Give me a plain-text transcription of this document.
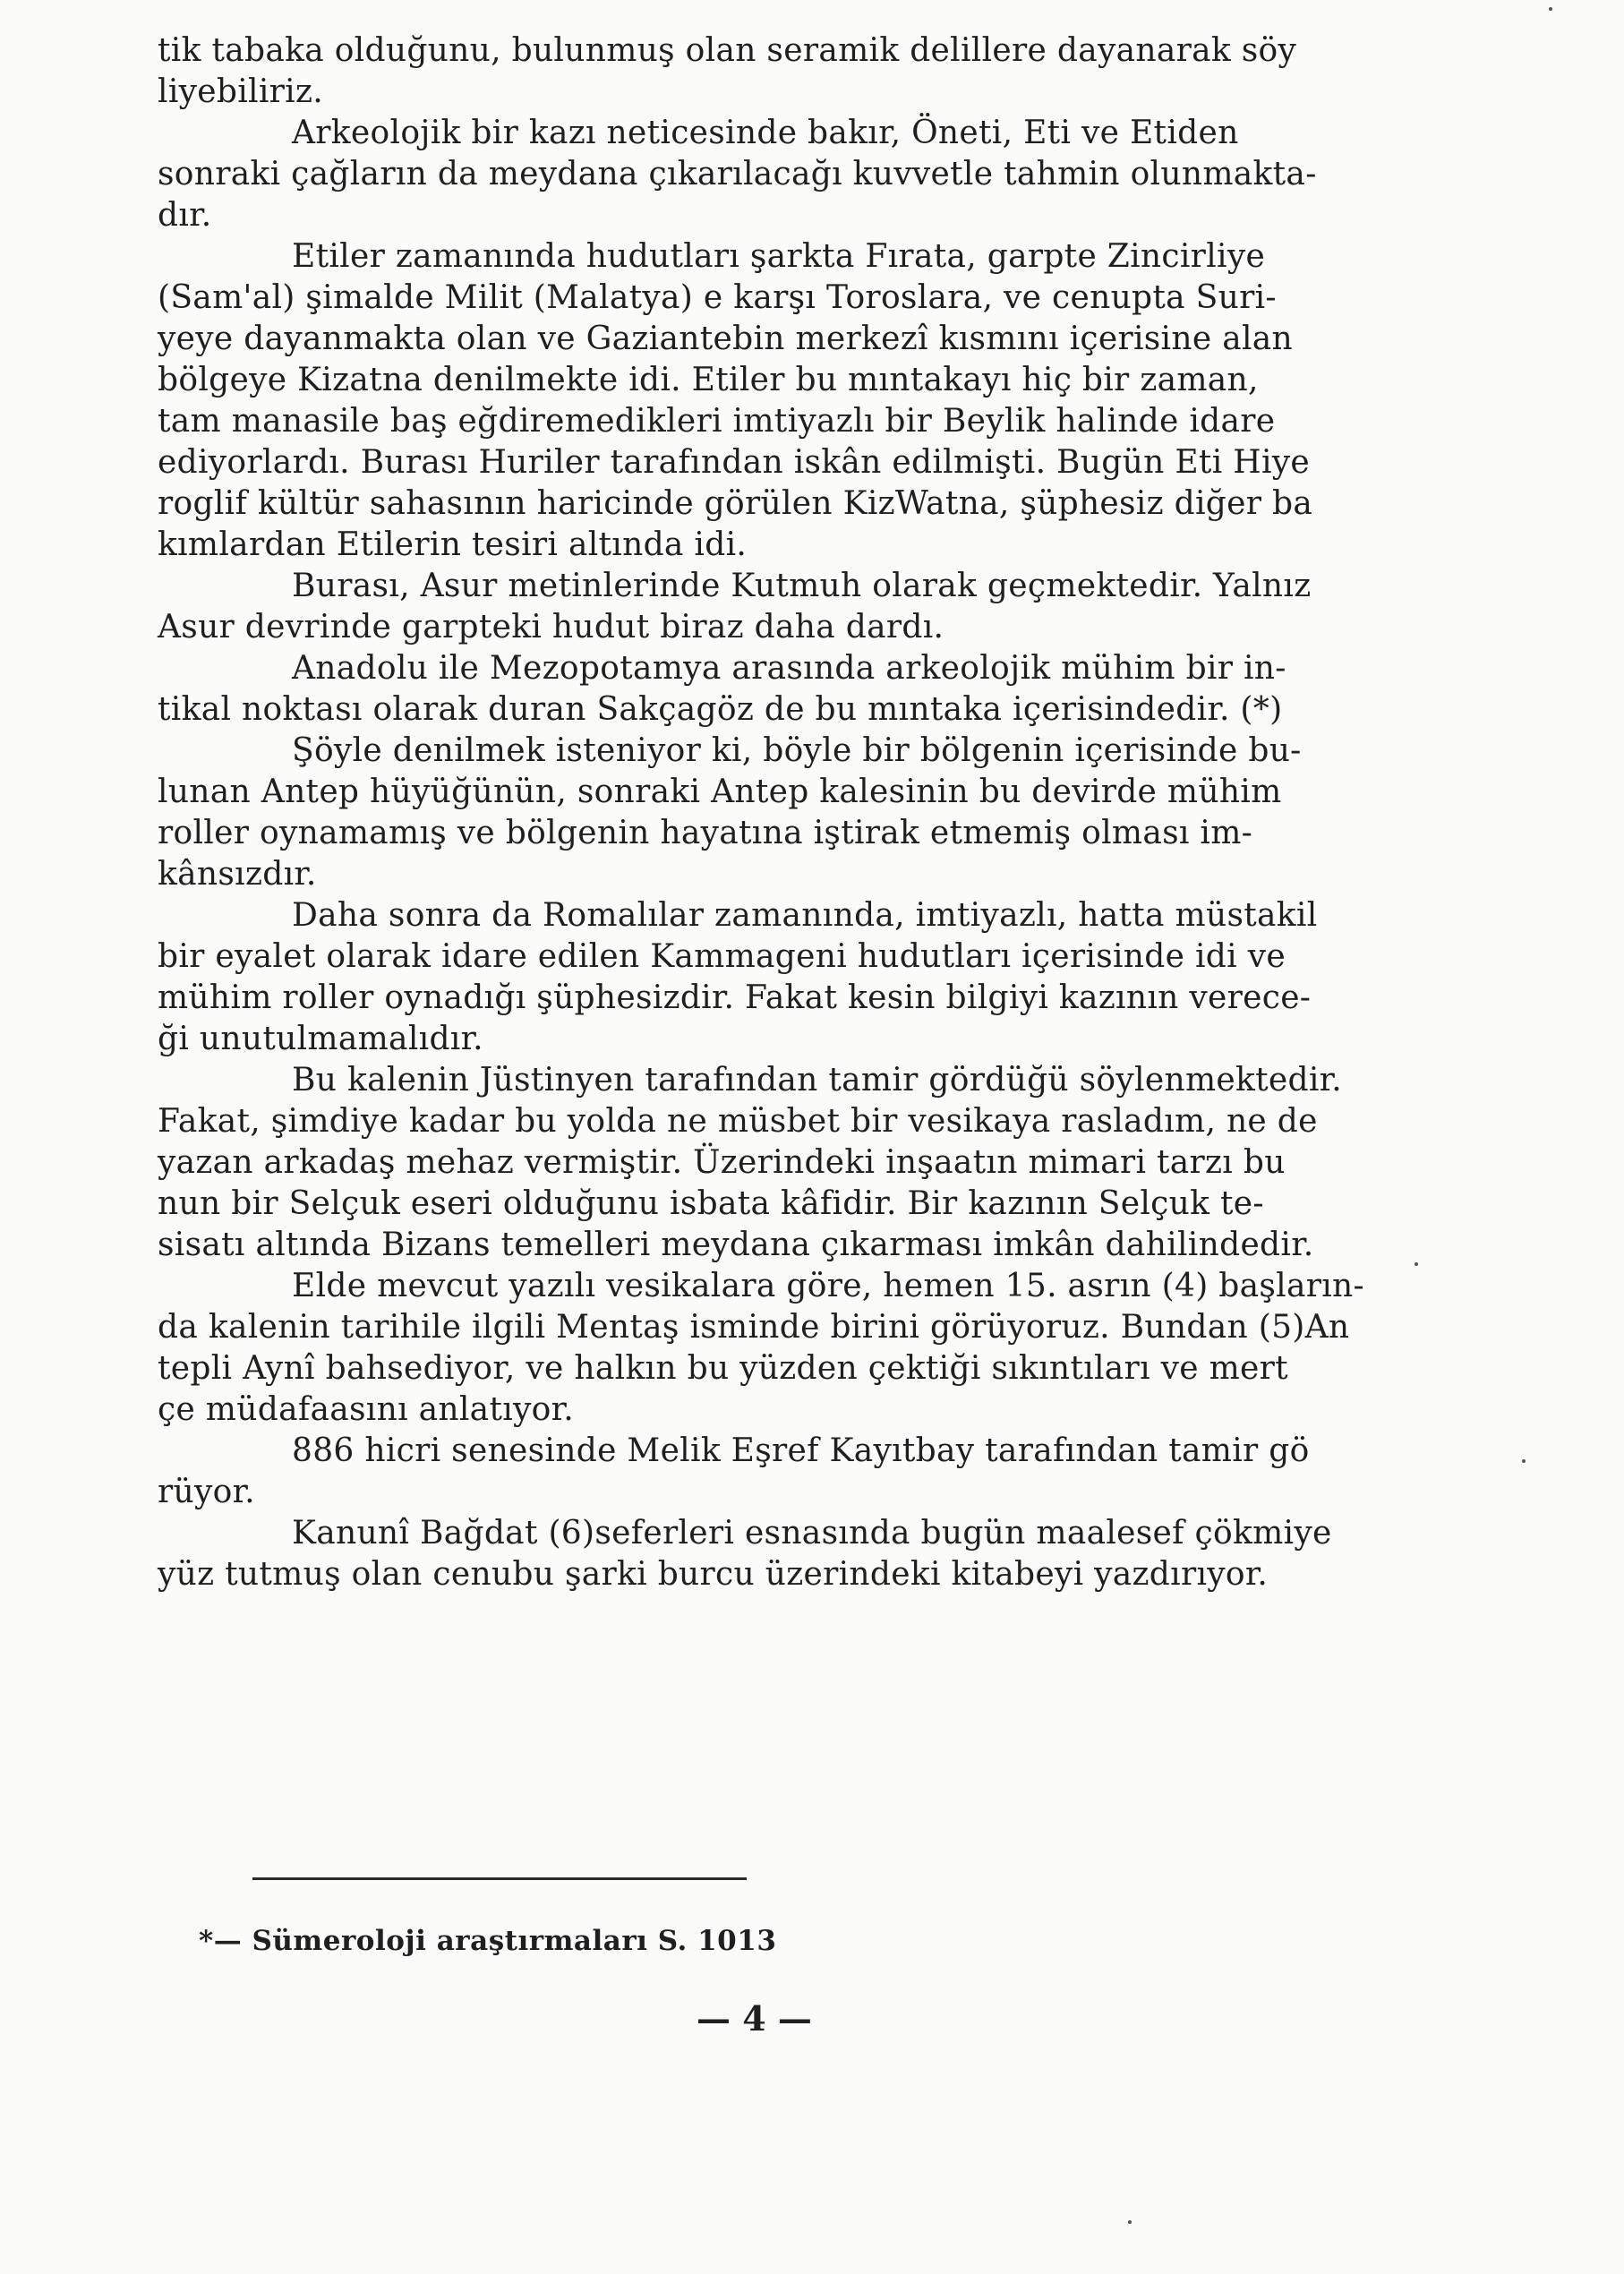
tik tabaka olduğunu, bulunmuş olan seramik delillere dayanarak söy
liyebiliriz.
Arkeolojik bir kazı neticesinde bakır, Öneti, Eti ve Etiden
sonraki çağların da meydana çıkarılacağı kuvvetle tahmin olunmakta-
dır.
Etiler zamanında hudutları şarkta Fırata, garpte Zincirliye
(Sam'al) şimalde Milit (Malatya) e karşı Toroslara, ve cenupta Suri-
yeye dayanmakta olan ve Gaziantebin merkezî kısmını içerisine alan
bölgeye Kizatna denilmekte idi. Etiler bu mıntakayı hiç bir zaman,
tam manasile baş eğdiremedikleri imtiyazlı bir Beylik halinde idare
ediyorlardı. Burası Huriler tarafından iskân edilmişti. Bugün Eti Hiye
roglif kültür sahasının haricinde görülen KizWatna, şüphesiz diğer ba
kımlardan Etilerin tesiri altında idi.
Burası, Asur metinlerinde Kutmuh olarak geçmektedir. Yalnız
Asur devrinde garpteki hudut biraz daha dardı.
Anadolu ile Mezopotamya arasında arkeolojik mühim bir in-
tikal noktası olarak duran Sakçagöz de bu mıntaka içerisindedir. (*)
Şöyle denilmek isteniyor ki, böyle bir bölgenin içerisinde bu-
lunan Antep hüyüğünün, sonraki Antep kalesinin bu devirde mühim
roller oynamamış ve bölgenin hayatına iştirak etmemiş olması im-
kânsızdır.
Daha sonra da Romalılar zamanında, imtiyazlı, hatta müstakil
bir eyalet olarak idare edilen Kammageni hudutları içerisinde idi ve
mühim roller oynadığı şüphesizdir. Fakat kesin bilgiyi kazının verece-
ği unutulmamalıdır.
Bu kalenin Jüstinyen tarafından tamir gördüğü söylenmektedir.
Fakat, şimdiye kadar bu yolda ne müsbet bir vesikaya rasladım, ne de
yazan arkadaş mehaz vermiştir. Üzerindeki inşaatın mimari tarzı bu
nun bir Selçuk eseri olduğunu isbata kâfidir. Bir kazının Selçuk te-
sisatı altında Bizans temelleri meydana çıkarması imkân dahilindedir.
Elde mevcut yazılı vesikalara göre, hemen 15. asrın (4) başların-
da kalenin tarihile ilgili Mentaş isminde birini görüyoruz. Bundan (5)An
tepli Aynî bahsediyor, ve halkın bu yüzden çektiği sıkıntıları ve mert
çe müdafaasını anlatıyor.
886 hicri senesinde Melik Eşref Kayıtbay tarafından tamir gö
rüyor.
Kanunî Bağdat (6)seferleri esnasında bugün maalesef çökmiye
yüz tutmuş olan cenubu şarki burcu üzerindeki kitabeyi yazdırıyor.
*— Sümeroloji araştırmaları S. 1013
— 4 —
